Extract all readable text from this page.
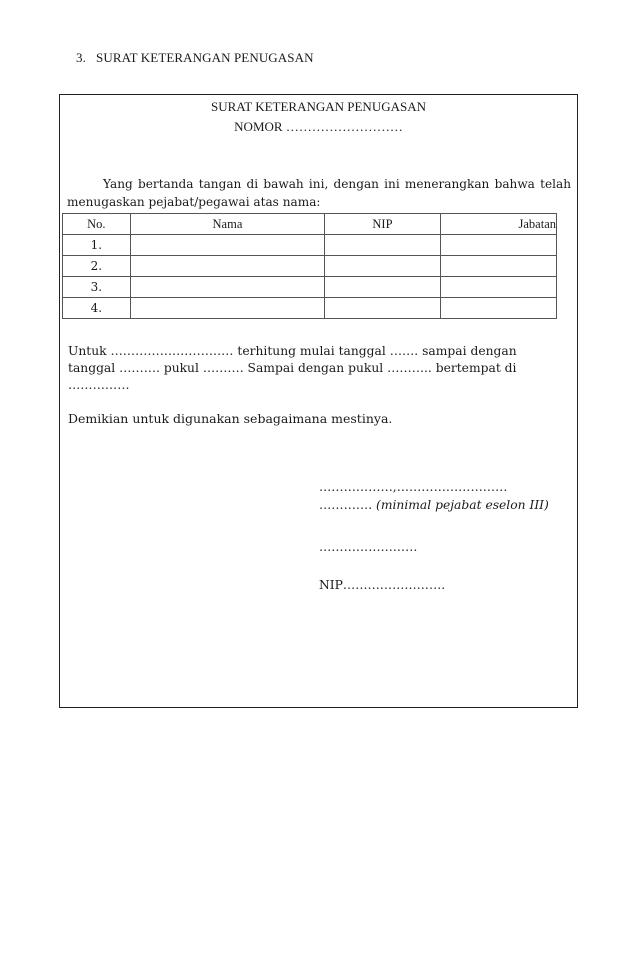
3.   SURAT KETERANGAN PENUGASAN
SURAT KETERANGAN PENUGASAN
NOMOR ………………………
Yang bertanda tangan di bawah ini, dengan ini menerangkan bahwa telah menugaskan pejabat/pegawai atas nama:
No.	Nama	NIP	Jabatan
1.			
2.			
3.			
4.			
Untuk ………………………… terhitung mulai tanggal ……. sampai dengan tanggal ………. pukul ………. Sampai dengan pukul ……….. bertempat di ……………
Demikian untuk digunakan sebagaimana mestinya.
………………,………………………
…………. (minimal pejabat eselon III)
……………………
NIP…………………….
